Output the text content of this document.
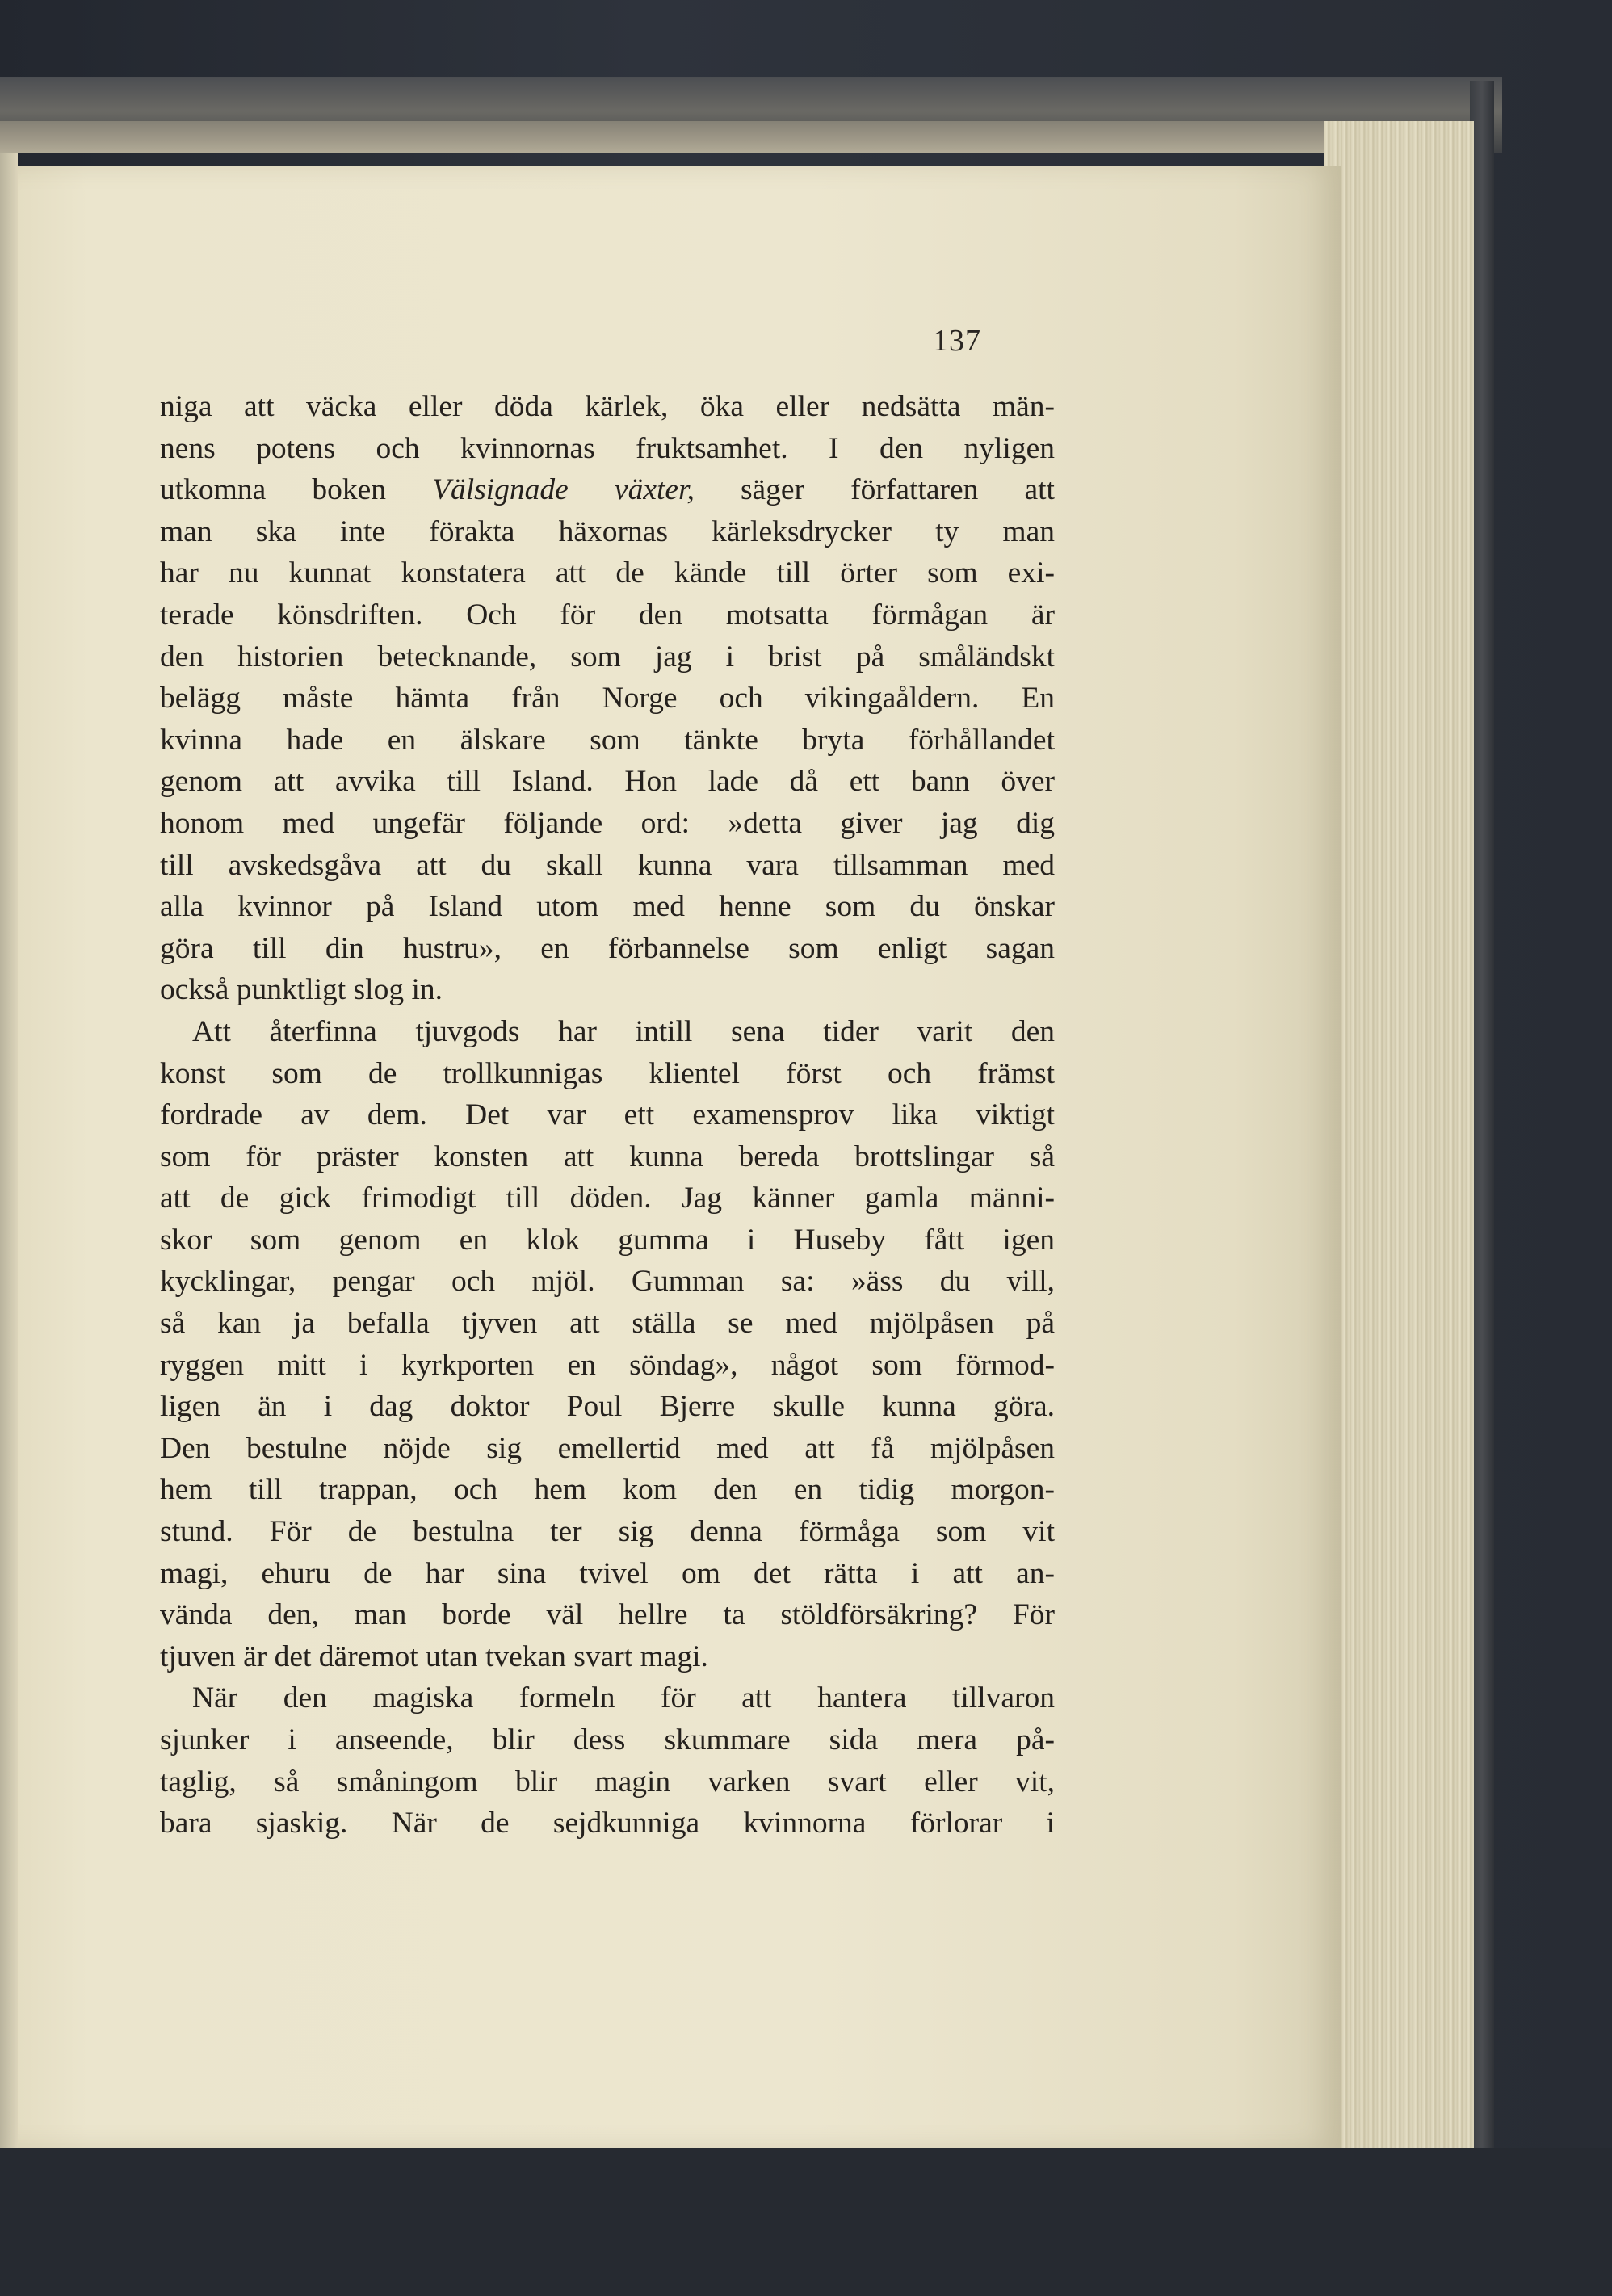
137
niga att väcka eller döda kärlek, öka eller nedsätta män-
nens potens och kvinnornas fruktsamhet. I den nyligen
utkomna boken Välsignade växter, säger författaren att
man ska inte förakta häxornas kärleksdrycker ty man
har nu kunnat konstatera att de kände till örter som exi-
terade könsdriften. Och för den motsatta förmågan är
den historien betecknande, som jag i brist på småländskt
belägg måste hämta från Norge och vikingaåldern. En
kvinna hade en älskare som tänkte bryta förhållandet
genom att avvika till Island. Hon lade då ett bann över
honom med ungefär följande ord: »detta giver jag dig
till avskedsgåva att du skall kunna vara tillsamman med
alla kvinnor på Island utom med henne som du önskar
göra till din hustru», en förbannelse som enligt sagan
också punktligt slog in.
Att återfinna tjuvgods har intill sena tider varit den
konst som de trollkunnigas klientel först och främst
fordrade av dem. Det var ett examensprov lika viktigt
som för präster konsten att kunna bereda brottslingar så
att de gick frimodigt till döden. Jag känner gamla männi-
skor som genom en klok gumma i Huseby fått igen
kycklingar, pengar och mjöl. Gumman sa: »äss du vill,
så kan ja befalla tjyven att ställa se med mjölpåsen på
ryggen mitt i kyrkporten en söndag», något som förmod-
ligen än i dag doktor Poul Bjerre skulle kunna göra.
Den bestulne nöjde sig emellertid med att få mjölpåsen
hem till trappan, och hem kom den en tidig morgon-
stund. För de bestulna ter sig denna förmåga som vit
magi, ehuru de har sina tvivel om det rätta i att an-
vända den, man borde väl hellre ta stöldförsäkring? För
tjuven är det däremot utan tvekan svart magi.
När den magiska formeln för att hantera tillvaron
sjunker i anseende, blir dess skummare sida mera på-
taglig, så småningom blir magin varken svart eller vit,
bara sjaskig. När de sejdkunniga kvinnorna förlorar i
